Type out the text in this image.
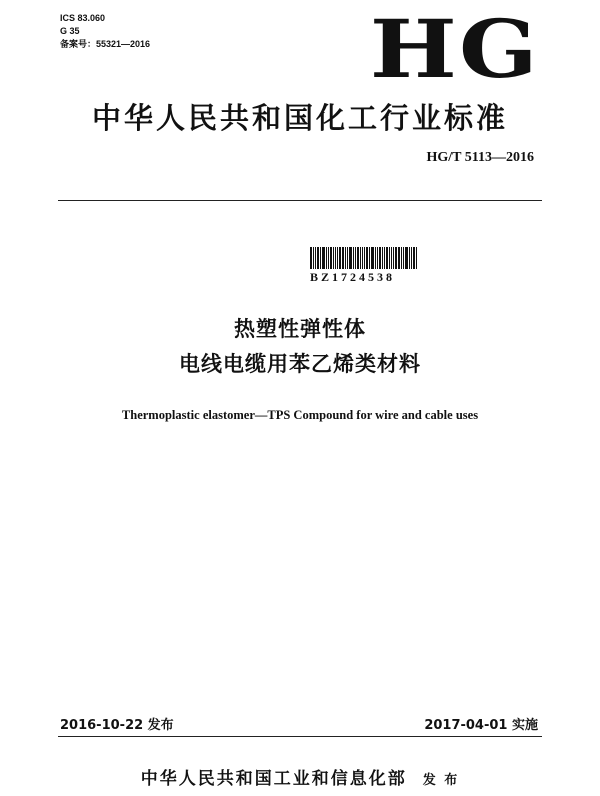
ICS 83.060
G 35
备案号：55321—2016	HG
中华人民共和国化工行业标准
HG/T 5113—2016
BZ1724538
热塑性弹性体
电线电缆用苯乙烯类材料
Thermoplastic elastomer—TPS Compound for wire and cable uses
2016-10-22 发布	2017-04-01 实施
中华人民共和国工业和信息化部 发 布
